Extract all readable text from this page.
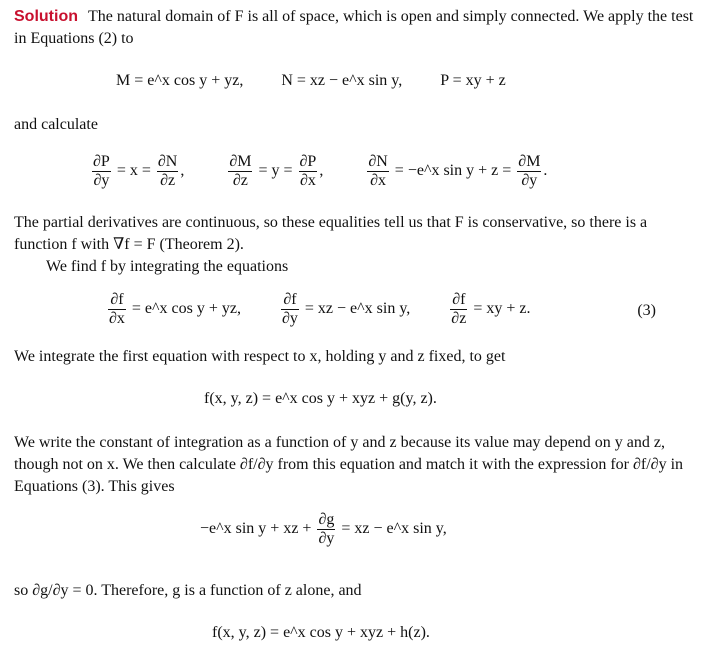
Solution The natural domain of F is all of space, which is open and simply connected. We apply the test in Equations (2) to
M = e^x cos y + yz, N = xz − e^x sin y, P = xy + z
and calculate
$\frac{\partial P}{\partial y} = x = \frac{\partial N}{\partial z}$ ,	$\frac{\partial M}{\partial z} = y = \frac{\partial P}{\partial x}$ ,	$\frac{\partial N}{\partial x}$ = −e^x $\sin y + z = \frac{\partial M}{\partial y}$ .
The partial derivatives are continuous, so these equalities tell us that F is conservative, so there is a function f with ∇f = F (Theorem 2).
We find f by integrating the equations
$\frac{\partial f}{\partial x}$ = e^x cos y + yz,	$\frac{\partial f}{\partial y}$ = xz − e^x sin y,	$\frac{\partial f}{\partial z}$ = xy + z.	(3)
We integrate the first equation with respect to x, holding y and z fixed, to get
f(x, y, z) = e^x cos y + xyz + g(y, z).
We write the constant of integration as a function of y and z because its value may depend on y and z, though not on x. We then calculate ∂f/∂y from this equation and match it with the expression for ∂f/∂y in Equations (3). This gives
−e^x sin y + xz + $\frac{\partial g}{\partial y}$ = xz − e^x sin y,
so ∂g/∂y = 0. Therefore, g is a function of z alone, and
f(x, y, z) = e^x cos y + xyz + h(z).
